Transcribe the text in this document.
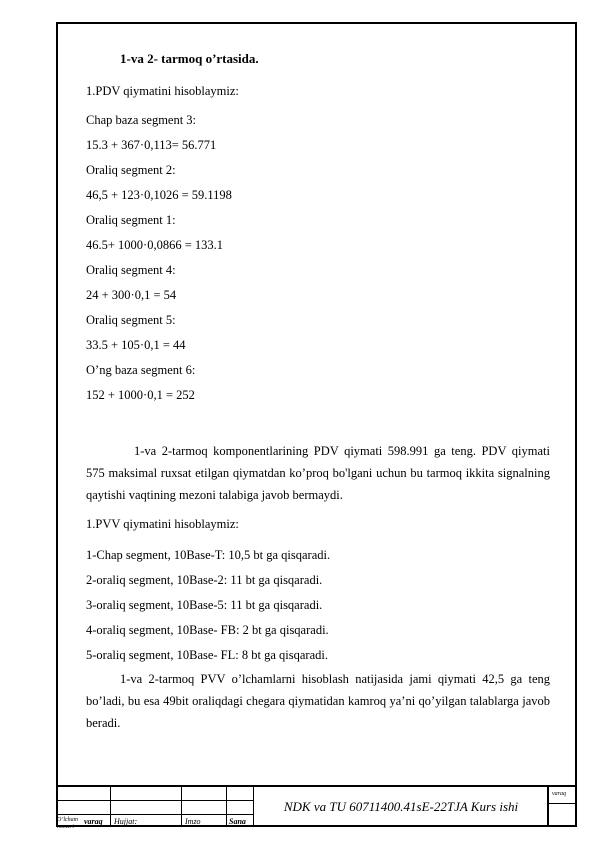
1-va 2- tarmoq o’rtasida.
1.PDV qiymatini hisoblaymiz:
Chap baza segment 3:
15.3 + 367·0,113= 56.771
Oraliq segment 2:
46,5 + 123·0,1026 = 59.1198
Oraliq segment 1:
46.5+ 1000·0,0866 = 133.1
Oraliq segment 4:
24 + 300·0,1 = 54
Oraliq segment 5:
33.5 + 105·0,1 = 44
O’ng baza segment 6:
152 + 1000·0,1 = 252
1-va 2-tarmoq komponentlarining PDV qiymati 598.991 ga teng. PDV qiymati 575 maksimal ruxsat etilgan qiymatdan ko’proq bo'lgani uchun bu tarmoq ikkita signalning qaytishi vaqtining mezoni talabiga javob bermaydi.
1.PVV qiymatini hisoblaymiz:
1-Chap segment, 10Base-T: 10,5 bt ga qisqaradi.
2-oraliq segment, 10Base-2: 11 bt ga qisqaradi.
3-oraliq segment, 10Base-5: 11 bt ga qisqaradi.
4-oraliq segment, 10Base- FB: 2 bt ga qisqaradi.
5-oraliq segment, 10Base- FL: 8 bt ga qisqaradi.
1-va 2-tarmoq PVV o’lchamlarni hisoblash natijasida jami qiymati 42,5 ga teng bo’ladi, bu esa 49bit oraliqdagi chegara qiymatidan kamroq ya’ni qo’yilgan talablarga javob beradi.
O’lcham
nomeri
varaq Hujjat:	Imzo	Sana
NDK va TU 60711400.41sE-22TJA Kurs ishi
varaq
